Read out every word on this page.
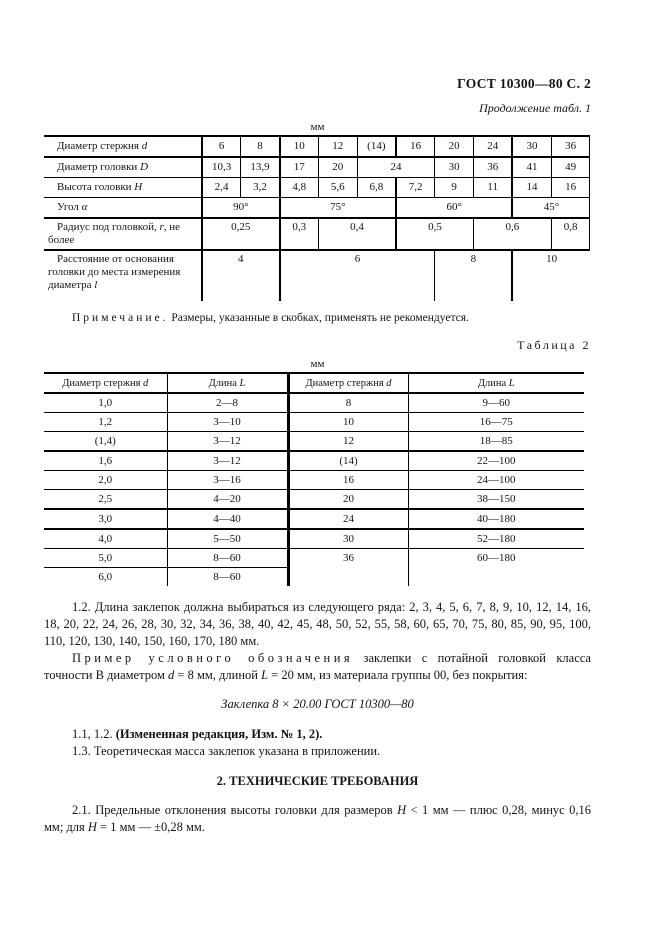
ГОСТ 10300—80 С. 2
Продолжение табл. 1
мм
Диаметр стержня d	6	8	10	12	(14)	16	20	24	30	36
Диаметр головки D	10,3	13,9	17	20	24		30	36	41	49
Высота головки H	2,4	3,2	4,8	5,6	6,8	7,2	9	11	14	16
Угол α	90°		75°			60°			45°	
Радиус под головкой, r, не более	0,25		0,3	0,4		0,5		0,6		0,8
Расстояние от основания головки до места измерения диаметра l	4		6				8		10	
Примечание. Размеры, указанные в скобках, применять не рекомендуется.
Таблица 2
мм
Диаметр стержня d	Длина L	Диаметр стержня d	Длина L
1,0	2—8	8	9—60
1,2	3—10	10	16—75
(1,4)	3—12	12	18—85
1,6	3—12	(14)	22—100
2,0	3—16	16	24—100
2,5	4—20	20	38—150
3,0	4—40	24	40—180
4,0	5—50	30	52—180
5,0	8—60	36	60—180
6,0	8—60		

1.2. Длина заклепок должна выбираться из следующего ряда: 2, 3, 4, 5, 6, 7, 8, 9, 10, 12, 14, 16, 18, 20, 22, 24, 26, 28, 30, 32, 34, 36, 38, 40, 42, 45, 48, 50, 52, 55, 58, 60, 65, 70, 75, 80, 85, 90, 95, 100, 110, 120, 130, 140, 150, 160, 170, 180 мм.

Пример условного обозначения заклепки с потайной головкой класса точности В диаметром d = 8 мм, длиной L = 20 мм, из материала группы 00, без покрытия:

Заклепка 8 × 20.00 ГОСТ 10300—80

1.1, 1.2. (Измененная редакция, Изм. № 1, 2).

1.3. Теоретическая масса заклепок указана в приложении.

2. ТЕХНИЧЕСКИЕ ТРЕБОВАНИЯ

2.1. Предельные отклонения высоты головки для размеров H < 1 мм — плюс 0,28, минус 0,16 мм; для H = 1 мм — ±0,28 мм.
